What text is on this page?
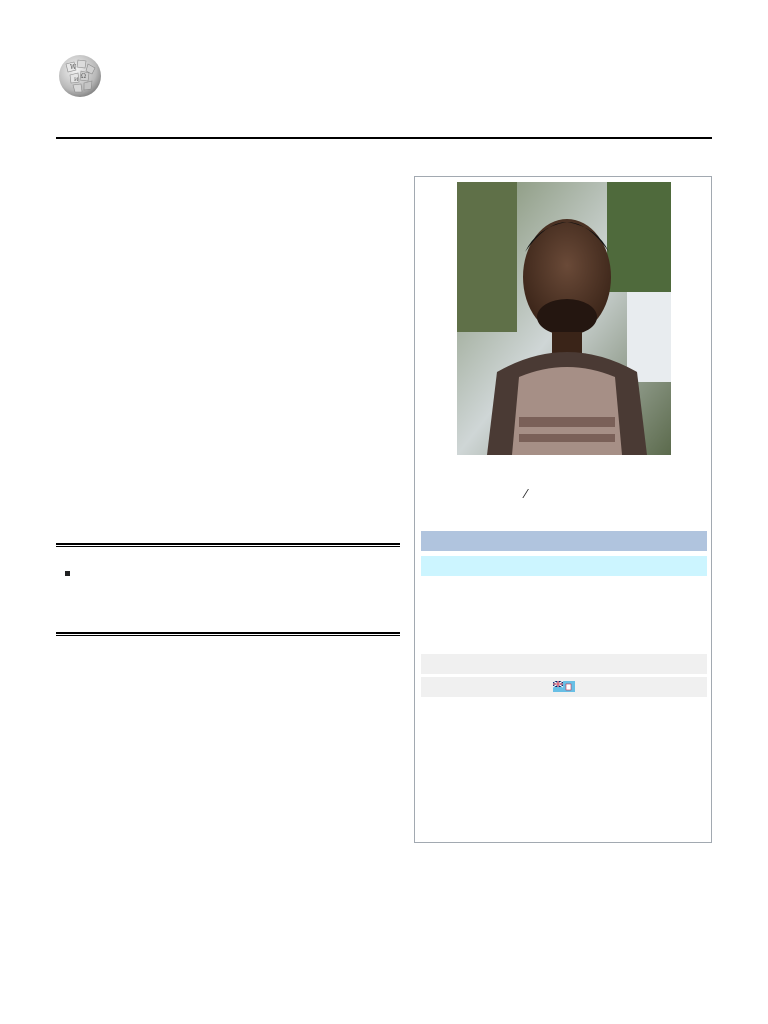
W
Ω
И

⁄
